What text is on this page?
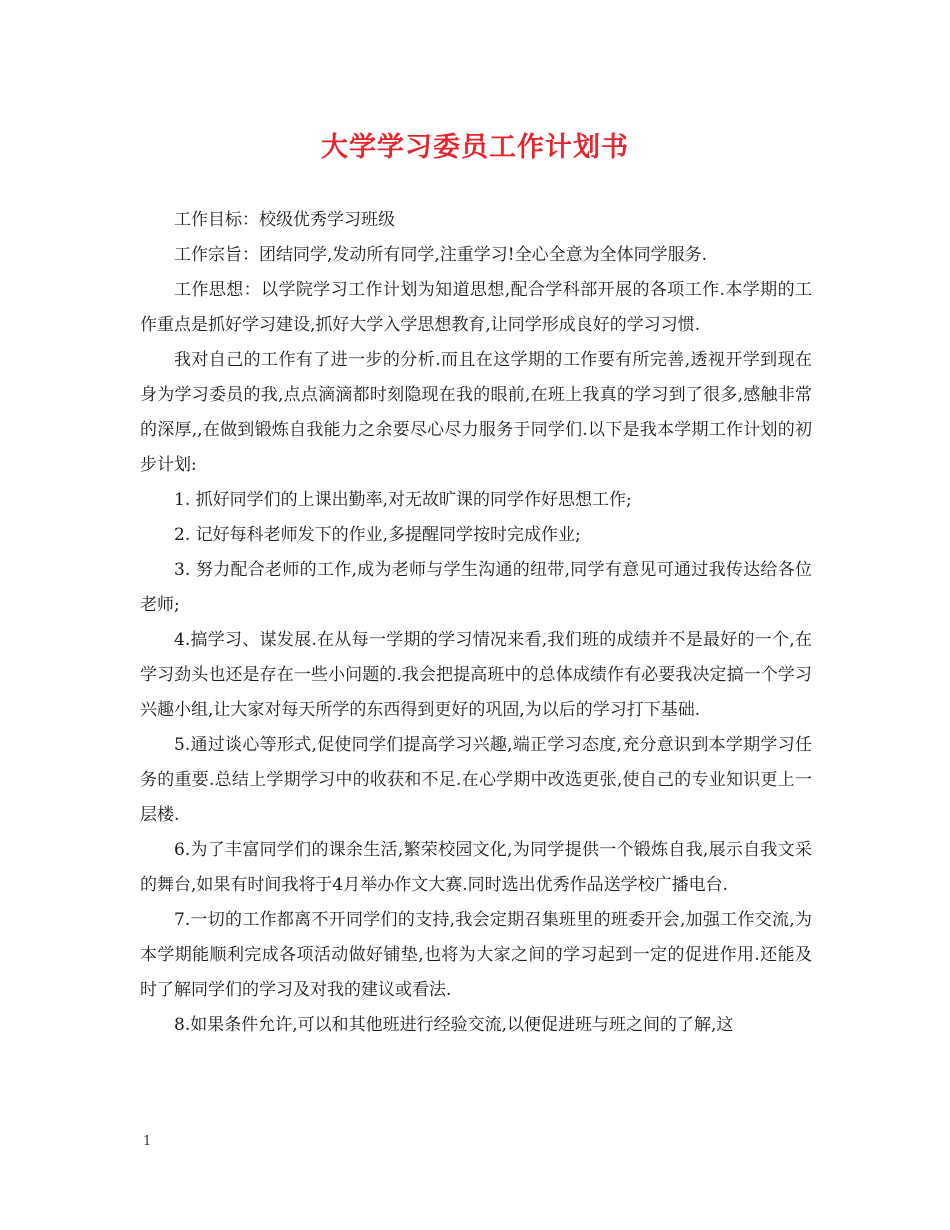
大学学习委员工作计划书

工作目标：校级优秀学习班级

工作宗旨：团结同学,发动所有同学,注重学习!全心全意为全体同学服务.

工作思想：以学院学习工作计划为知道思想,配合学科部开展的各项工作.本学期的工作重点是抓好学习建设,抓好大学入学思想教育,让同学形成良好的学习习惯.

我对自己的工作有了进一步的分析.而且在这学期的工作要有所完善,透视开学到现在身为学习委员的我,点点滴滴都时刻隐现在我的眼前,在班上我真的学习到了很多,感触非常的深厚,,在做到锻炼自我能力之余要尽心尽力服务于同学们.以下是我本学期工作计划的初步计划:

1. 抓好同学们的上课出勤率,对无故旷课的同学作好思想工作;

2. 记好每科老师发下的作业,多提醒同学按时完成作业;

3. 努力配合老师的工作,成为老师与学生沟通的纽带,同学有意见可通过我传达给各位老师;

4.搞学习、谋发展.在从每一学期的学习情况来看,我们班的成绩并不是最好的一个,在学习劲头也还是存在一些小问题的.我会把提高班中的总体成绩作有必要我决定搞一个学习兴趣小组,让大家对每天所学的东西得到更好的巩固,为以后的学习打下基础.

5.通过谈心等形式,促使同学们提高学习兴趣,端正学习态度,充分意识到本学期学习任务的重要.总结上学期学习中的收获和不足.在心学期中改选更张,使自己的专业知识更上一层楼.

6.为了丰富同学们的课余生活,繁荣校园文化,为同学提供一个锻炼自我,展示自我文采的舞台,如果有时间我将于4月举办作文大赛.同时选出优秀作品送学校广播电台.

7.一切的工作都离不开同学们的支持,我会定期召集班里的班委开会,加强工作交流,为本学期能顺利完成各项活动做好铺垫,也将为大家之间的学习起到一定的促进作用.还能及时了解同学们的学习及对我的建议或看法.

8.如果条件允许,可以和其他班进行经验交流,以便促进班与班之间的了解,这

1
